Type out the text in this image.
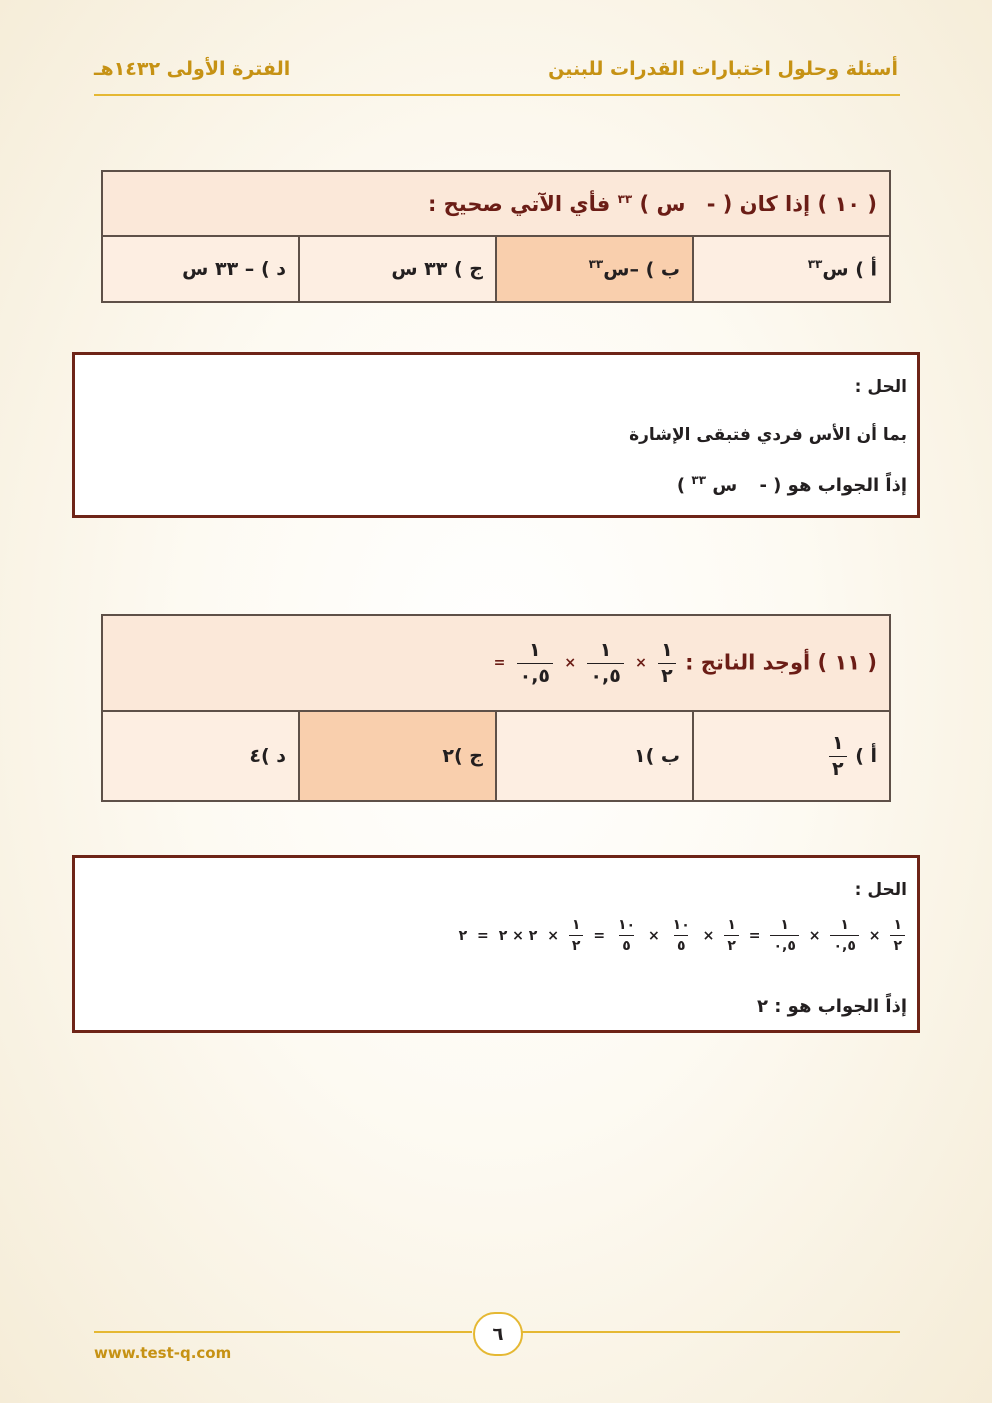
أسئلة وحلول اختبارات القدرات للبنين
الفترة الأولى ١٤٣٢هـ
( ١٠ ) إذا كان ( - س ) $^{٣٣}$ فأي الآتي صحيح :
أ ) س$^{٣٣}$	ب ) –س$^{٣٣}$	ج ) ٣٣ س	د ) – ٣٣ س
الحل :
بما أن الأس فردي فتبقى الإشارة
إذاً الجواب هو ( - س $^{٣٣}$ )
( ١١ ) أوجد الناتج :
$\frac{١}{٢}$
×
$\frac{١}{٠,٥}$
×
$\frac{١}{٠,٥}$
=
أ )
$\frac{١}{٢}$
	ب )١	ج )٢	د )٤
الحل :
$\frac{١}{٢}$
×
$\frac{١}{٠,٥}$
×
$\frac{١}{٠,٥}$
=
$\frac{١}{٢}$
×
$\frac{١٠}{٥}$
×
$\frac{١٠}{٥}$
=
$\frac{١}{٢}$
× ٢ × ٢ = ٢
إذاً الجواب هو : ٢
٦
www.test-q.com
